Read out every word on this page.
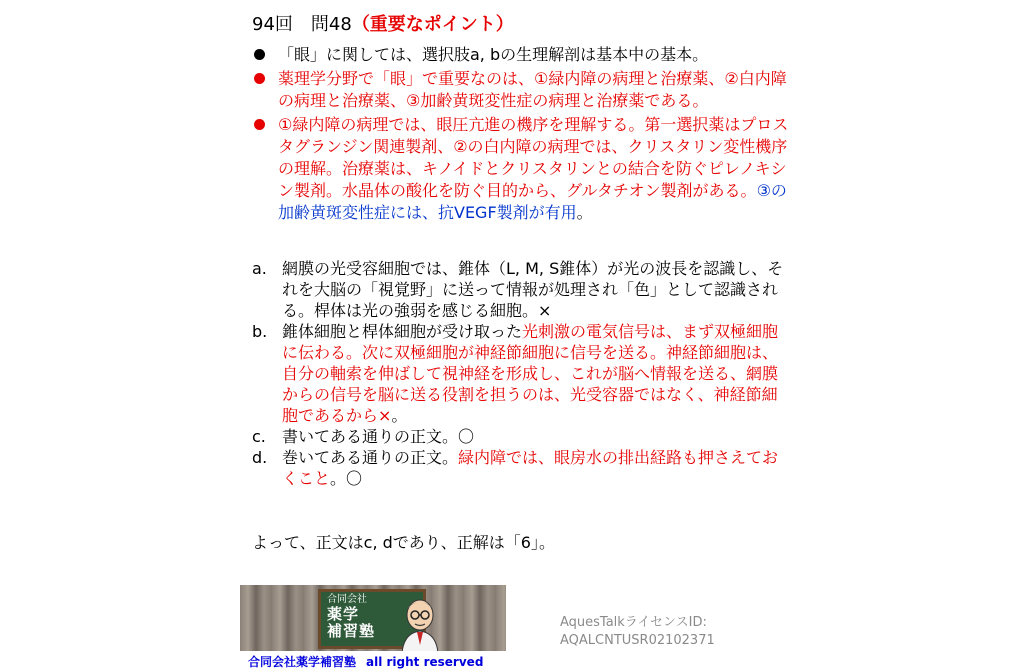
94回　問48（重要なポイント）
「眼」に関しては、選択肢a, bの生理解剖は基本中の基本。
薬理学分野で「眼」で重要なのは、①緑内障の病理と治療薬、②白内障の病理と治療薬、③加齢黄斑変性症の病理と治療薬である。
①緑内障の病理では、眼圧亢進の機序を理解する。第一選択薬はプロスタグランジン関連製剤、②の白内障の病理では、クリスタリン変性機序の理解。治療薬は、キノイドとクリスタリンとの結合を防ぐピレノキシン製剤。水晶体の酸化を防ぐ目的から、グルタチオン製剤がある。③の加齢黄斑変性症には、抗VEGF製剤が有用。
a. 網膜の光受容細胞では、錐体（L, M, S錐体）が光の波長を認識し、それを大脳の「視覚野」に送って情報が処理され「色」として認識される。桿体は光の強弱を感じる細胞。×
b. 錐体細胞と桿体細胞が受け取った光刺激の電気信号は、まず双極細胞に伝わる。次に双極細胞が神経節細胞に信号を送る。神経節細胞は、自分の軸索を伸ばして視神経を形成し、これが脳へ情報を送る、網膜からの信号を脳に送る役割を担うのは、光受容器ではなく、神経節細胞であるから×。
c. 書いてある通りの正文。〇
d. 巻いてある通りの正文。緑内障では、眼房水の排出経路も押さえておくこと。〇
よって、正文はc, dであり、正解は「6」。
合同会社
薬学
補習塾
合同会社薬学補習塾 all right reserved
AquesTalkライセンスID:
AQALCNTUSR02102371
